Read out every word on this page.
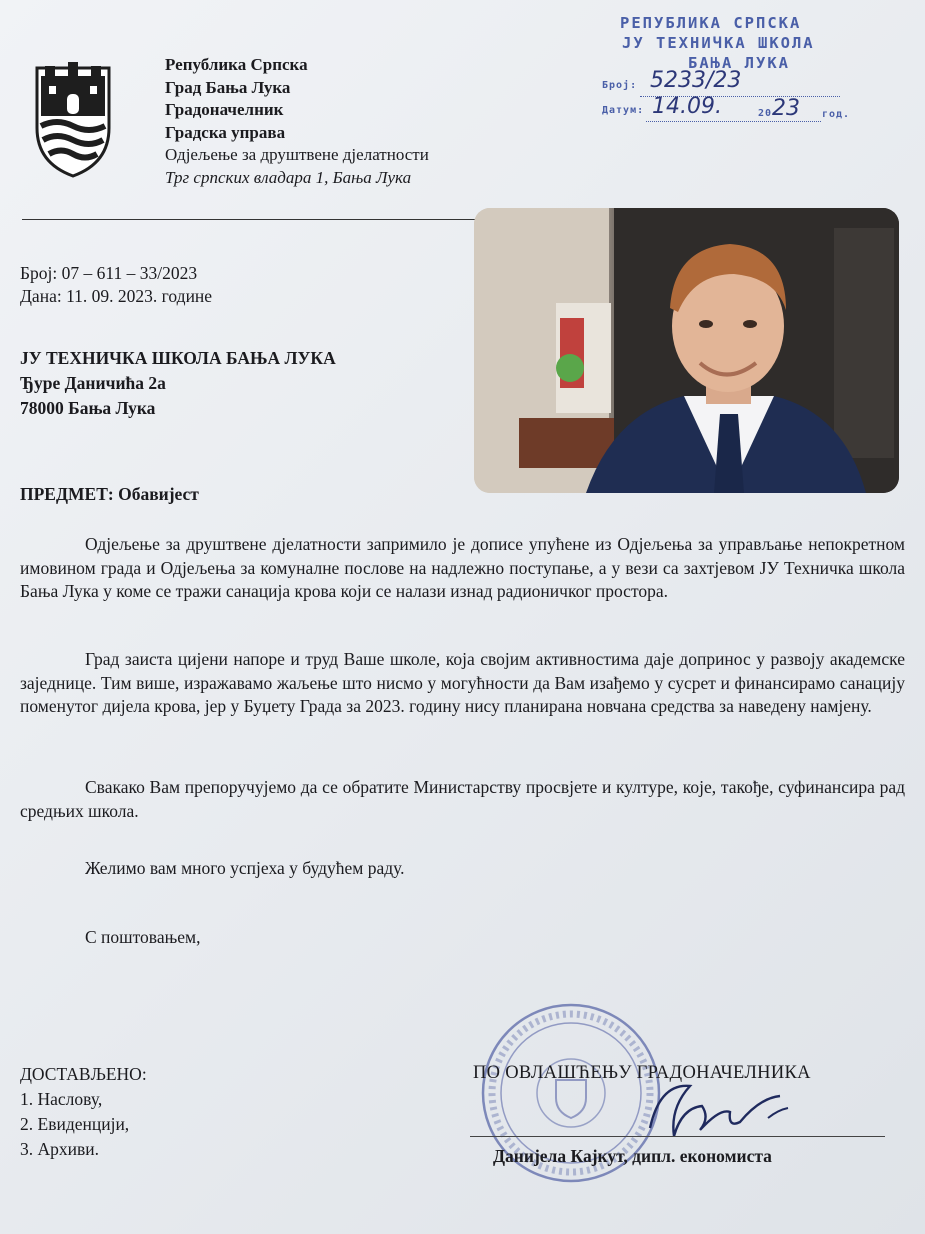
Република Српска
Град Бања Лука
Градоначелник
Градска управа
Одјељење за друштвене дјелатности
Трг српских владара 1, Бања Лука
РЕПУБЛИКА СРПСКА
ЈУ ТЕХНИЧКА ШКОЛА
БАЊА ЛУКА
Број: 5233/23
Датум: 14.09.	20 23 год.
Број: 07 – 611 – 33/2023
Дана: 11. 09. 2023. године
ЈУ ТЕХНИЧКА ШКОЛА БАЊА ЛУКА
Ђуре Даничића 2а
78000 Бања Лука
ПРЕДМЕТ: Обавијест

Одјељење за друштвене дјелатности запримило је дописе упућене из Одјељења за управљање непокретном имовином града и Одјељења за комуналне послове на надлежно поступање, а у вези са захтјевом ЈУ Техничка школа Бања Лука у коме се тражи санација крова који се налази изнад радионичког простора.

Град заиста цијени напоре и труд Ваше школе, која својим активностима даје допринос у развоју академске заједнице. Тим више, изражавамо жаљење што нисмо у могућности да Вам изађемо у сусрет и финансирамо санацију поменутог дијела крова, јер у Буџету Града за 2023. годину нису планирана новчана средства за наведену намјену.

Свакако Вам препоручујемо да се обратите Министарству просвјете и културе, које, такође, суфинансира рад средњих школа.

Желимо вам много успјеха у будућем раду.
С поштовањем,
ДОСТАВЉЕНО:
1. Наслову,
2. Евиденцији,
3. Архиви.
ПО ОВЛАШЋЕЊУ ГРАДОНАЧЕЛНИКА
Данијела Кајкут, дипл. економиста
